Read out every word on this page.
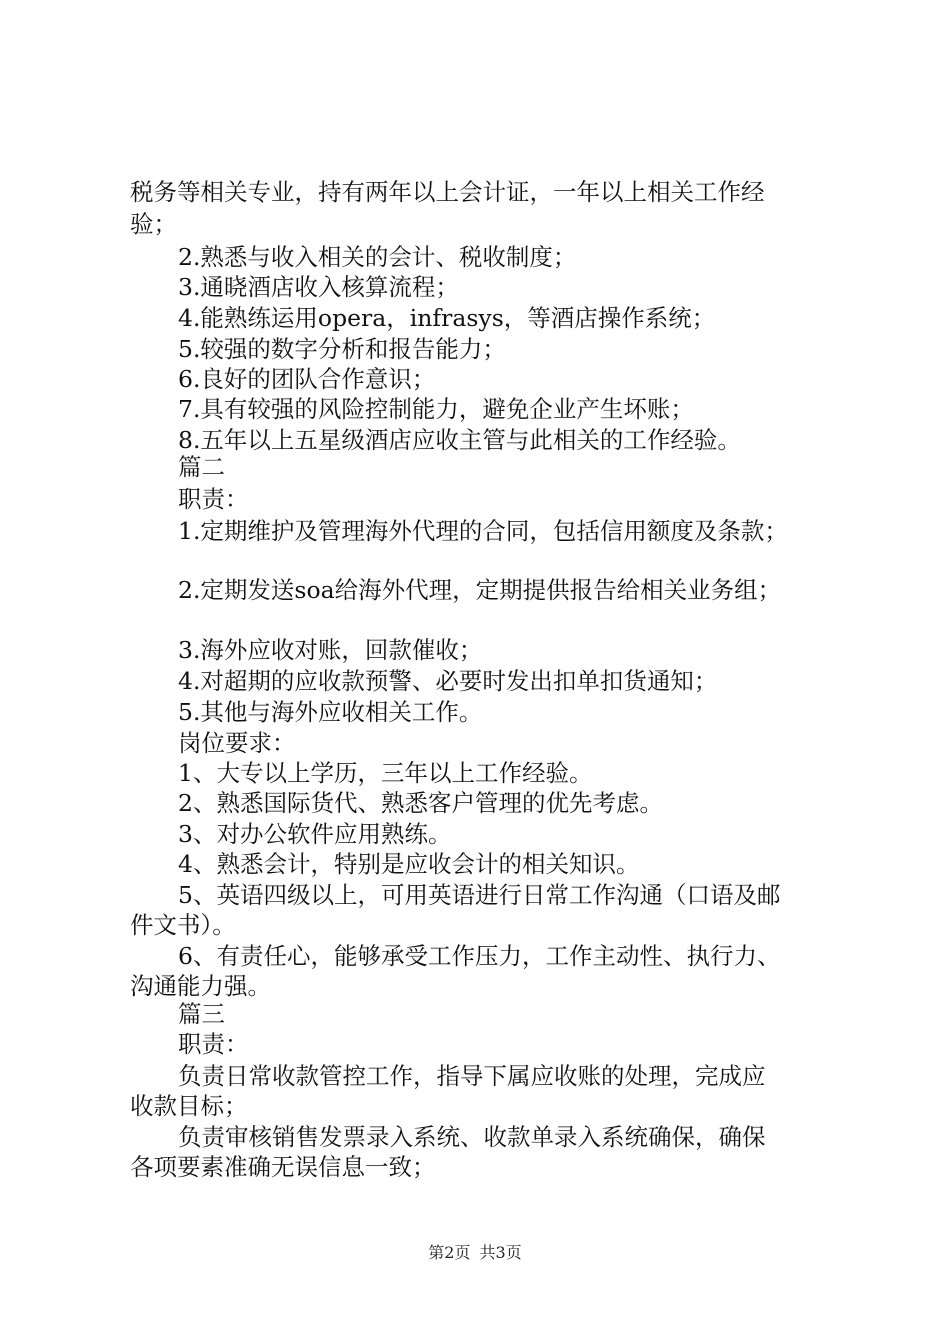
税务等相关专业，持有两年以上会计证，一年以上相关工作经
验；
2.熟悉与收入相关的会计、税收制度；
3.通晓酒店收入核算流程；
4.能熟练运用opera，infrasys，等酒店操作系统；
5.较强的数字分析和报告能力；
6.良好的团队合作意识；
7.具有较强的风险控制能力，避免企业产生坏账；
8.五年以上五星级酒店应收主管与此相关的工作经验。
篇二
职责：
1.定期维护及管理海外代理的合同，包括信用额度及条款；
2.定期发送soa给海外代理，定期提供报告给相关业务组；
3.海外应收对账，回款催收；
4.对超期的应收款预警、必要时发出扣单扣货通知；
5.其他与海外应收相关工作。
岗位要求：
1、大专以上学历，三年以上工作经验。
2、熟悉国际货代、熟悉客户管理的优先考虑。
3、对办公软件应用熟练。
4、熟悉会计，特别是应收会计的相关知识。
5、英语四级以上，可用英语进行日常工作沟通（口语及邮
件文书）。
6、有责任心，能够承受工作压力，工作主动性、执行力、
沟通能力强。
篇三
职责：
负责日常收款管控工作，指导下属应收账的处理，完成应
收款目标；
负责审核销售发票录入系统、收款单录入系统确保，确保
各项要素准确无误信息一致；
第2页 共3页
